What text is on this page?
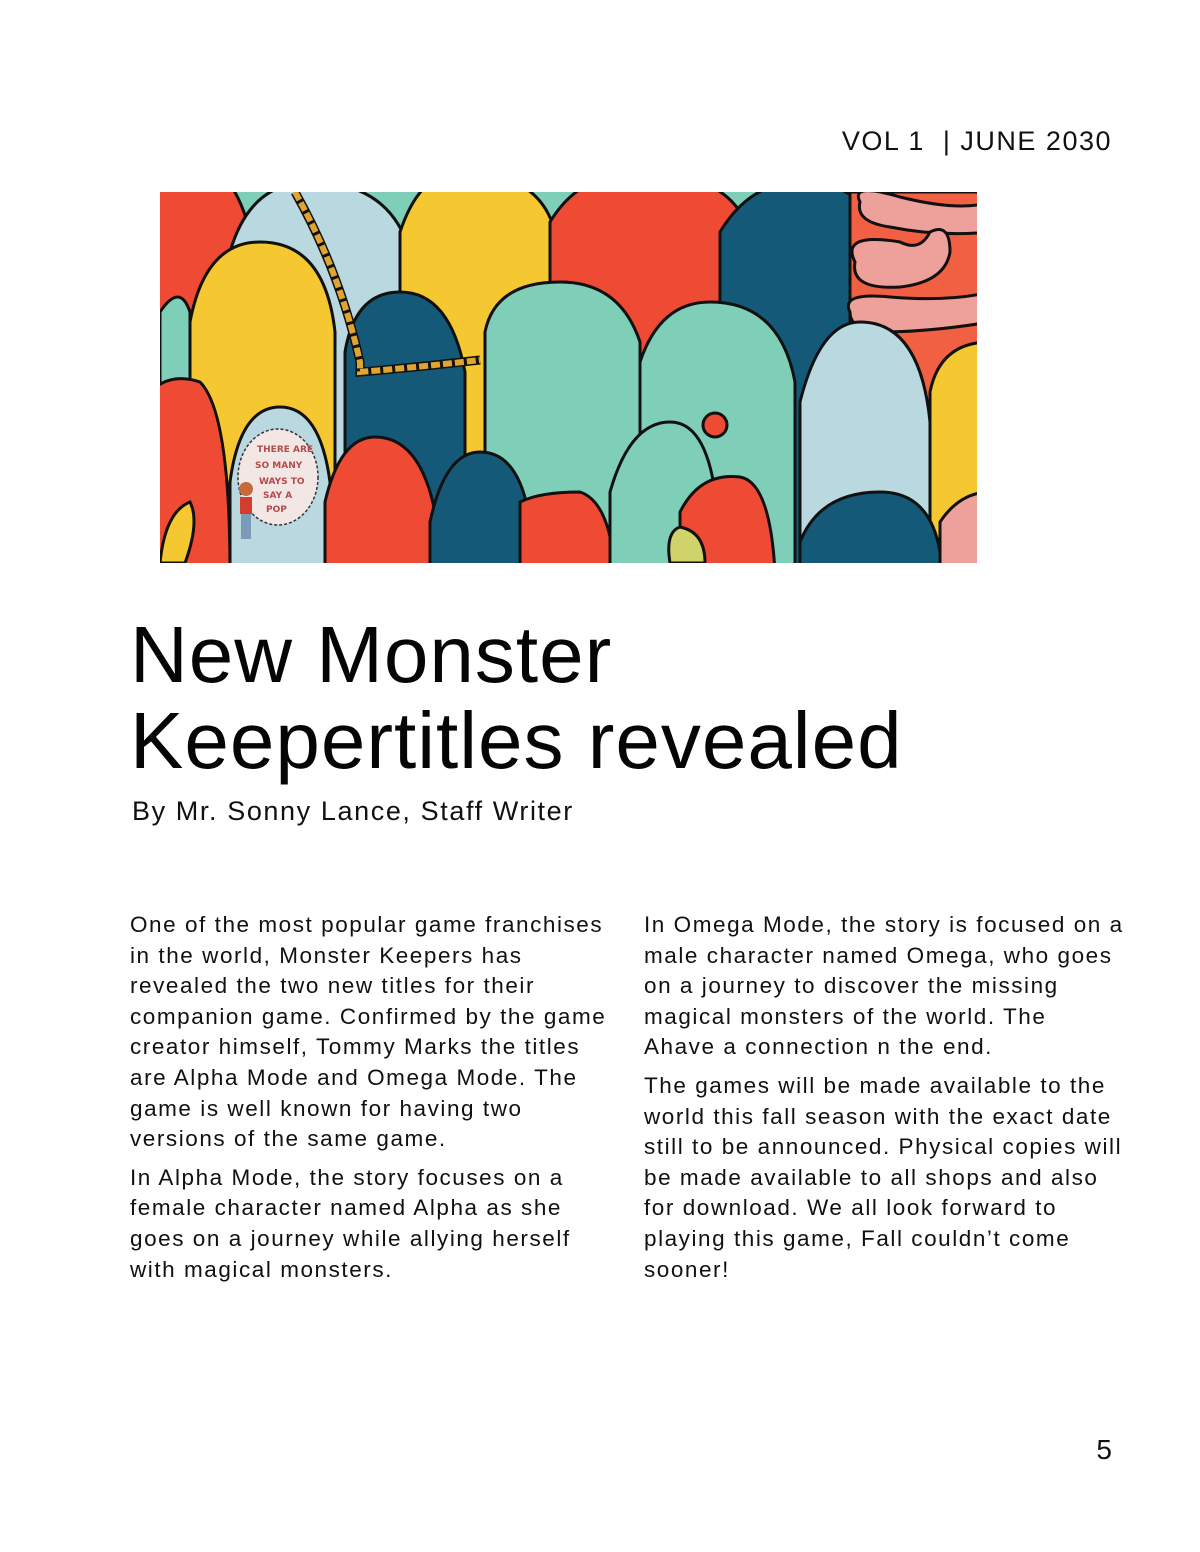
VOL 1  | JUNE 2030
THERE ARE
SO MANY
WAYS TO
SAY A
POP
New Monster
Keepertitles revealed
By Mr. Sonny Lance, Staff Writer

One of the most popular game franchises in the world, Monster Keepers has revealed the two new titles for their companion game. Confirmed by the game creator himself, Tommy Marks the titles are Alpha Mode and Omega Mode. The game is well known for having two versions of the same game.

In Alpha Mode, the story focuses on a female character named Alpha as she goes on a journey while allying herself with magical monsters.

In Omega Mode, the story is focused on a male character named Omega, who goes on a journey to discover the missing magical monsters of the world. The Ahave a connection n the end.

The games will be made available to the world this fall season with the exact date still to be announced. Physical copies will be made available to all shops and also for download. We all look forward to playing this game, Fall couldn’t come sooner!

5
